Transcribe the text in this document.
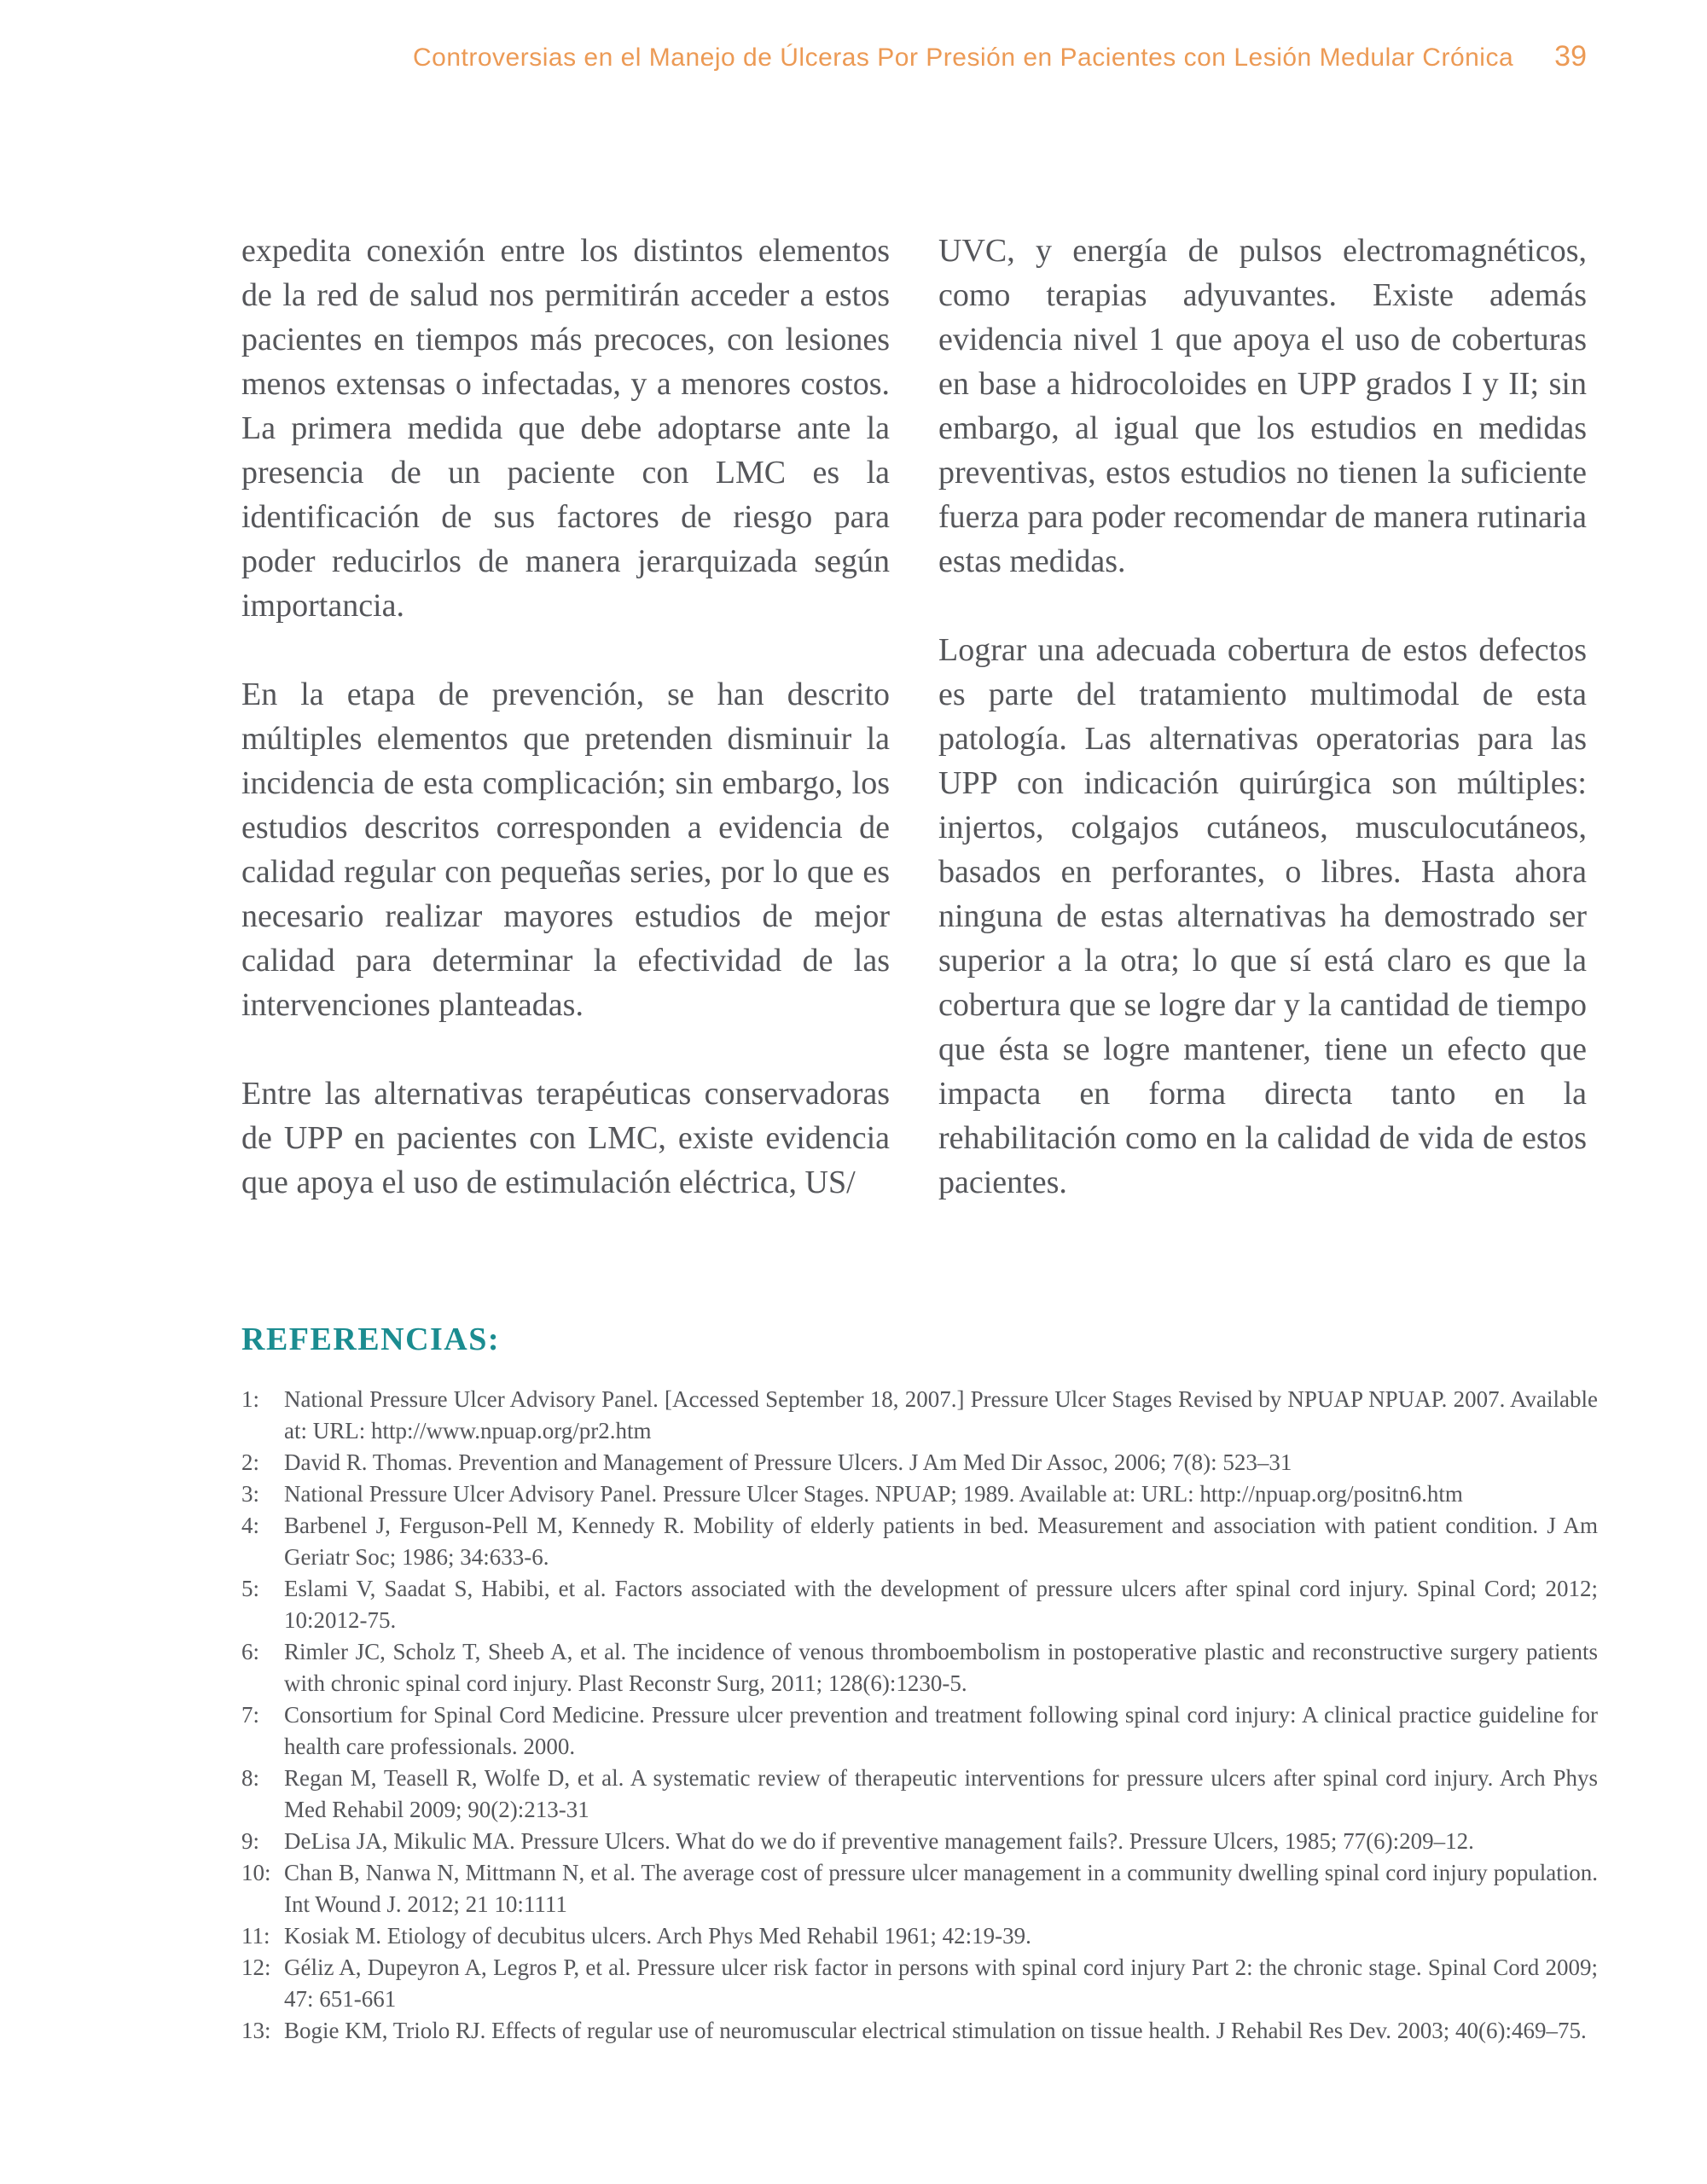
Controversias en el Manejo de Úlceras Por Presión en Pacientes con Lesión Medular Crónica 39

expedita conexión entre los distintos elementos de la red de salud nos permitirán acceder a estos pacientes en tiempos más precoces, con lesiones menos extensas o infectadas, y a menores costos. La primera medida que debe adoptarse ante la presencia de un paciente con LMC es la identificación de sus factores de riesgo para poder reducirlos de manera jerarquizada según importancia.

En la etapa de prevención, se han descrito múltiples elementos que pretenden disminuir la incidencia de esta complicación; sin embargo, los estudios descritos corresponden a evidencia de calidad regular con pequeñas series, por lo que es necesario realizar mayores estudios de mejor calidad para determinar la efectividad de las intervenciones planteadas.

Entre las alternativas terapéuticas conservadoras de UPP en pacientes con LMC, existe evidencia que apoya el uso de estimulación eléctrica, US/

UVC, y energía de pulsos electromagnéticos, como terapias adyuvantes. Existe además evidencia nivel 1 que apoya el uso de coberturas en base a hidrocoloides en UPP grados I y II; sin embargo, al igual que los estudios en medidas preventivas, estos estudios no tienen la suficiente fuerza para poder recomendar de manera rutinaria estas medidas.

Lograr una adecuada cobertura de estos defectos es parte del tratamiento multimodal de esta patología. Las alternativas operatorias para las UPP con indicación quirúrgica son múltiples: injertos, colgajos cutáneos, musculocutáneos, basados en perforantes, o libres. Hasta ahora ninguna de estas alternativas ha demostrado ser superior a la otra; lo que sí está claro es que la cobertura que se logre dar y la cantidad de tiempo que ésta se logre mantener, tiene un efecto que impacta en forma directa tanto en la rehabilitación como en la calidad de vida de estos pacientes.

REFERENCIAS:
1:	National Pressure Ulcer Advisory Panel. [Accessed September 18, 2007.] Pressure Ulcer Stages Revised by NPUAP NPUAP. 2007. Available at: URL: http://www.npuap.org/pr2.htm
2:	David R. Thomas. Prevention and Management of Pressure Ulcers. J Am Med Dir Assoc, 2006; 7(8): 523–31
3:	National Pressure Ulcer Advisory Panel. Pressure Ulcer Stages. NPUAP; 1989. Available at: URL: http://npuap.org/positn6.htm
4:	Barbenel J, Ferguson-Pell M, Kennedy R. Mobility of elderly patients in bed. Measurement and association with patient condition. J Am Geriatr Soc; 1986; 34:633-6.
5:	Eslami V, Saadat S, Habibi, et al. Factors associated with the development of pressure ulcers after spinal cord injury. Spinal Cord; 2012; 10:2012-75.
6:	Rimler JC, Scholz T, Sheeb A, et al. The incidence of venous thromboembolism in postoperative plastic and reconstructive surgery patients with chronic spinal cord injury. Plast Reconstr Surg, 2011; 128(6):1230-5.
7:	Consortium for Spinal Cord Medicine. Pressure ulcer prevention and treatment following spinal cord injury: A clinical practice guideline for health care professionals. 2000.
8:	Regan M, Teasell R, Wolfe D, et al. A systematic review of therapeutic interventions for pressure ulcers after spinal cord injury. Arch Phys Med Rehabil 2009; 90(2):213-31
9:	DeLisa JA, Mikulic MA. Pressure Ulcers. What do we do if preventive management fails?. Pressure Ulcers, 1985; 77(6):209–12.
10: Chan B, Nanwa N, Mittmann N, et al. The average cost of pressure ulcer management in a community dwelling spinal cord injury population. Int Wound J. 2012; 21 10:1111
11: Kosiak M. Etiology of decubitus ulcers. Arch Phys Med Rehabil 1961; 42:19-39.
12: Géliz A, Dupeyron A, Legros P, et al. Pressure ulcer risk factor in persons with spinal cord injury Part 2: the chronic stage. Spinal Cord 2009; 47: 651-661
13: Bogie KM, Triolo RJ. Effects of regular use of neuromuscular electrical stimulation on tissue health. J Rehabil Res Dev. 2003; 40(6):469–75.
